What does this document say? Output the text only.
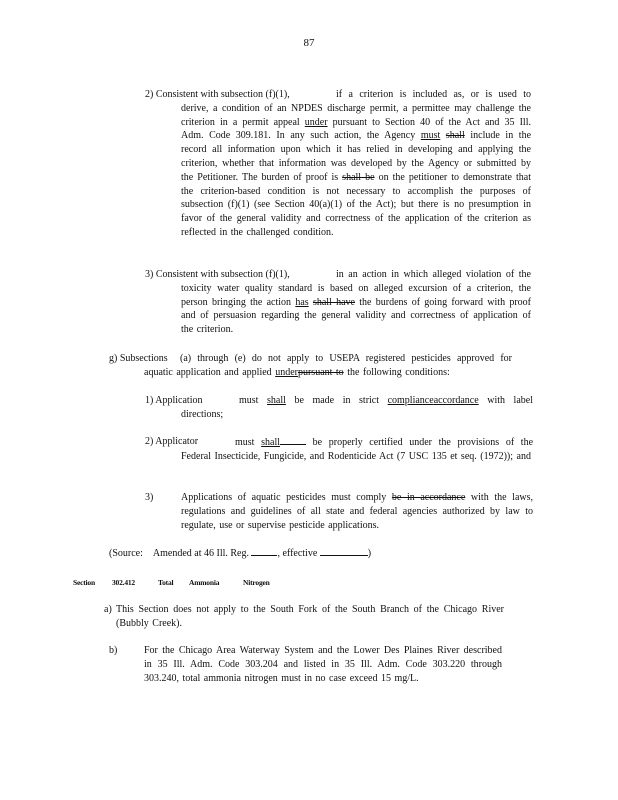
87
2) Consistent with subsection (f)(1),	if a criterion is included as, or is used to derive, a condition of an NPDES discharge permit, a permittee may challenge the criterion in a permit appeal under pursuant to Section 40 of the Act and 35 Ill. Adm. Code 309.181. In any such action, the Agency must shall include in the record all information upon which it has relied in developing and applying the criterion, whether that information was developed by the Agency or submitted by the Petitioner. The burden of proof is shall be on the petitioner to demonstrate that the criterion-based condition is not necessary to accomplish the purposes of subsection (f)(1) (see Section 40(a)(1) of the Act); but there is no presumption in favor of the general validity and correctness of the application of the criterion as reflected in the challenged condition.
3) Consistent with subsection (f)(1),	in an action in which alleged violation of the toxicity water quality standard is based on alleged excursion of a criterion, the person bringing the action has shall have the burdens of going forward with proof and of persuasion regarding the general validity and correctness of application of the criterion.
g) Subsections	(a) through (e) do not apply to USEPA registered pesticides approved for aquatic application and applied underpursuant to the following conditions:
1) Application	must shall be made in strict complianceaccordance with label directions;
2) Applicator	must shall	be properly certified under the provisions of the Federal Insecticide, Fungicide, and Rodenticide Act (7 USC 135 et seq. (1972)); and
3)	Applications of aquatic pesticides must comply be in accordance with the laws, regulations and guidelines of all state and federal agencies authorized by law to regulate, use or supervise pesticide applications.
(Source: Amended at 46 Ill. Reg.	, effective	)
Section 302.412	Total Ammonia	Nitrogen
a) This Section does not apply to the South Fork of the South Branch of the Chicago River (Bubbly Creek).
b)	For the Chicago Area Waterway System and the Lower Des Plaines River described in 35 Ill. Adm. Code 303.204 and listed in 35 Ill. Adm. Code 303.220 through 303.240, total ammonia nitrogen must in no case exceed 15 mg/L.
